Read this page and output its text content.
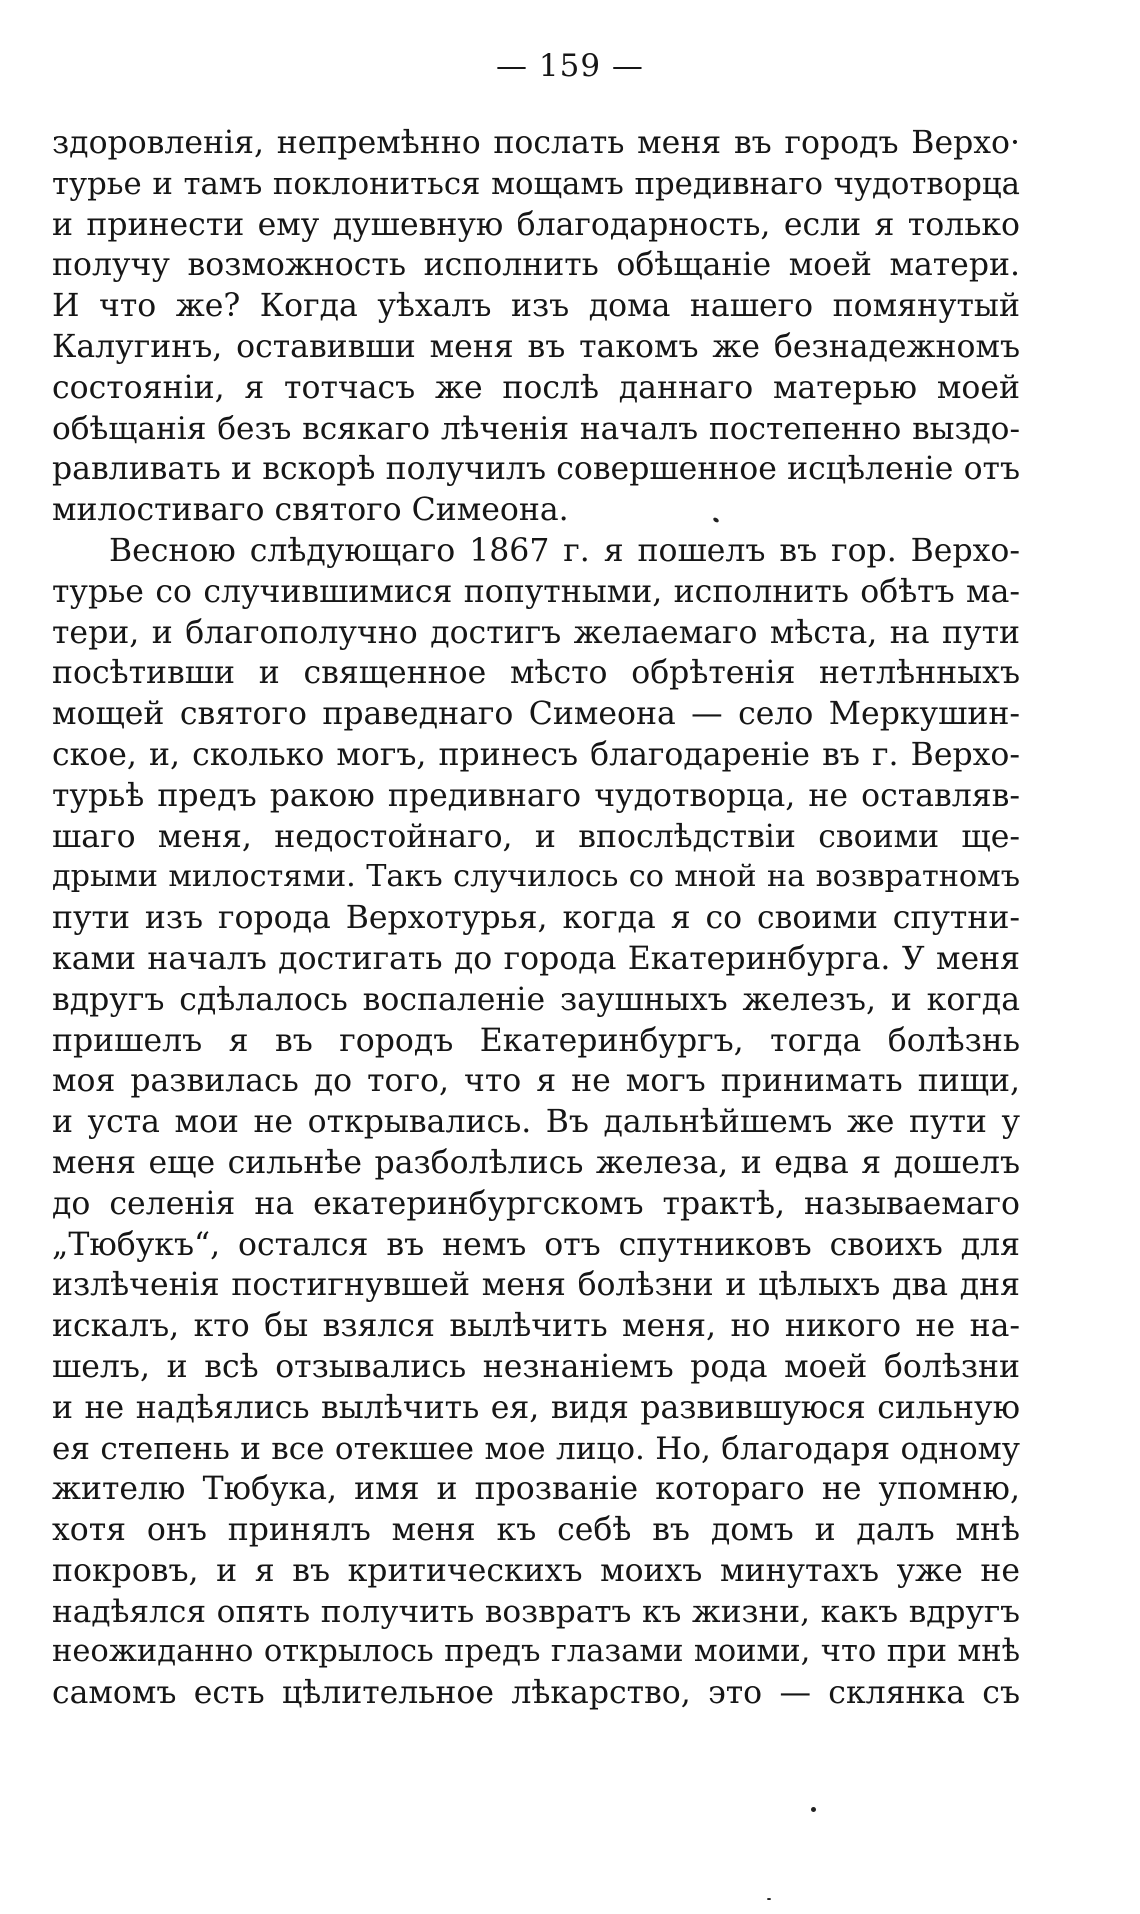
— 159 —
здоровленія, непремѣнно послать меня въ городъ Верхо·
турье и тамъ поклониться мощамъ предивнаго чудотворца
и принести ему душевную благодарность, если я только
получу возможность исполнить обѣщаніе моей матери.
И что же? Когда уѣхалъ изъ дома нашего помянутый
Калугинъ, оставивши меня въ такомъ же безнадежномъ
состояніи, я тотчасъ же послѣ даннаго матерью моей
обѣщанія безъ всякаго лѣченія началъ постепенно выздо-
равливать и вскорѣ получилъ совершенное исцѣленіе отъ
милостиваго святого Симеона.
Весною слѣдующаго 1867 г. я пошелъ въ гор. Верхо-
турье со случившимися попутными, исполнить обѣтъ ма-
тери, и благополучно достигъ желаемаго мѣста, на пути
посѣтивши и священное мѣсто обрѣтенія нетлѣнныхъ
мощей святого праведнаго Симеона — село Меркушин-
ское, и, сколько могъ, принесъ благодареніе въ г. Верхо-
турьѣ предъ ракою предивнаго чудотворца, не оставляв-
шаго меня, недостойнаго, и впослѣдствіи своими ще-
дрыми милостями. Такъ случилось со мной на возвратномъ
пути изъ города Верхотурья, когда я со своими спутни-
ками началъ достигать до города Екатеринбурга. У меня
вдругъ сдѣлалось воспаленіе заушныхъ железъ, и когда
пришелъ я въ городъ Екатеринбургъ, тогда болѣзнь
моя развилась до того, что я не могъ принимать пищи,
и уста мои не открывались. Въ дальнѣйшемъ же пути у
меня еще сильнѣе разболѣлись железа, и едва я дошелъ
до селенія на екатеринбургскомъ трактѣ, называемаго
„Тюбукъ“, остался въ немъ отъ спутниковъ своихъ для
излѣченія постигнувшей меня болѣзни и цѣлыхъ два дня
искалъ, кто бы взялся вылѣчить меня, но никого не на-
шелъ, и всѣ отзывались незнаніемъ рода моей болѣзни
и не надѣялись вылѣчить ея, видя развившуюся сильную
ея степень и все отекшее мое лицо. Но, благодаря одному
жителю Тюбука, имя и прозваніе котораго не упомню,
хотя онъ принялъ меня къ себѣ въ домъ и далъ мнѣ
покровъ, и я въ критическихъ моихъ минутахъ уже не
надѣялся опять получить возвратъ къ жизни, какъ вдругъ
неожиданно открылось предъ глазами моими, что при мнѣ
самомъ есть цѣлительное лѣкарство, это — склянка съ
